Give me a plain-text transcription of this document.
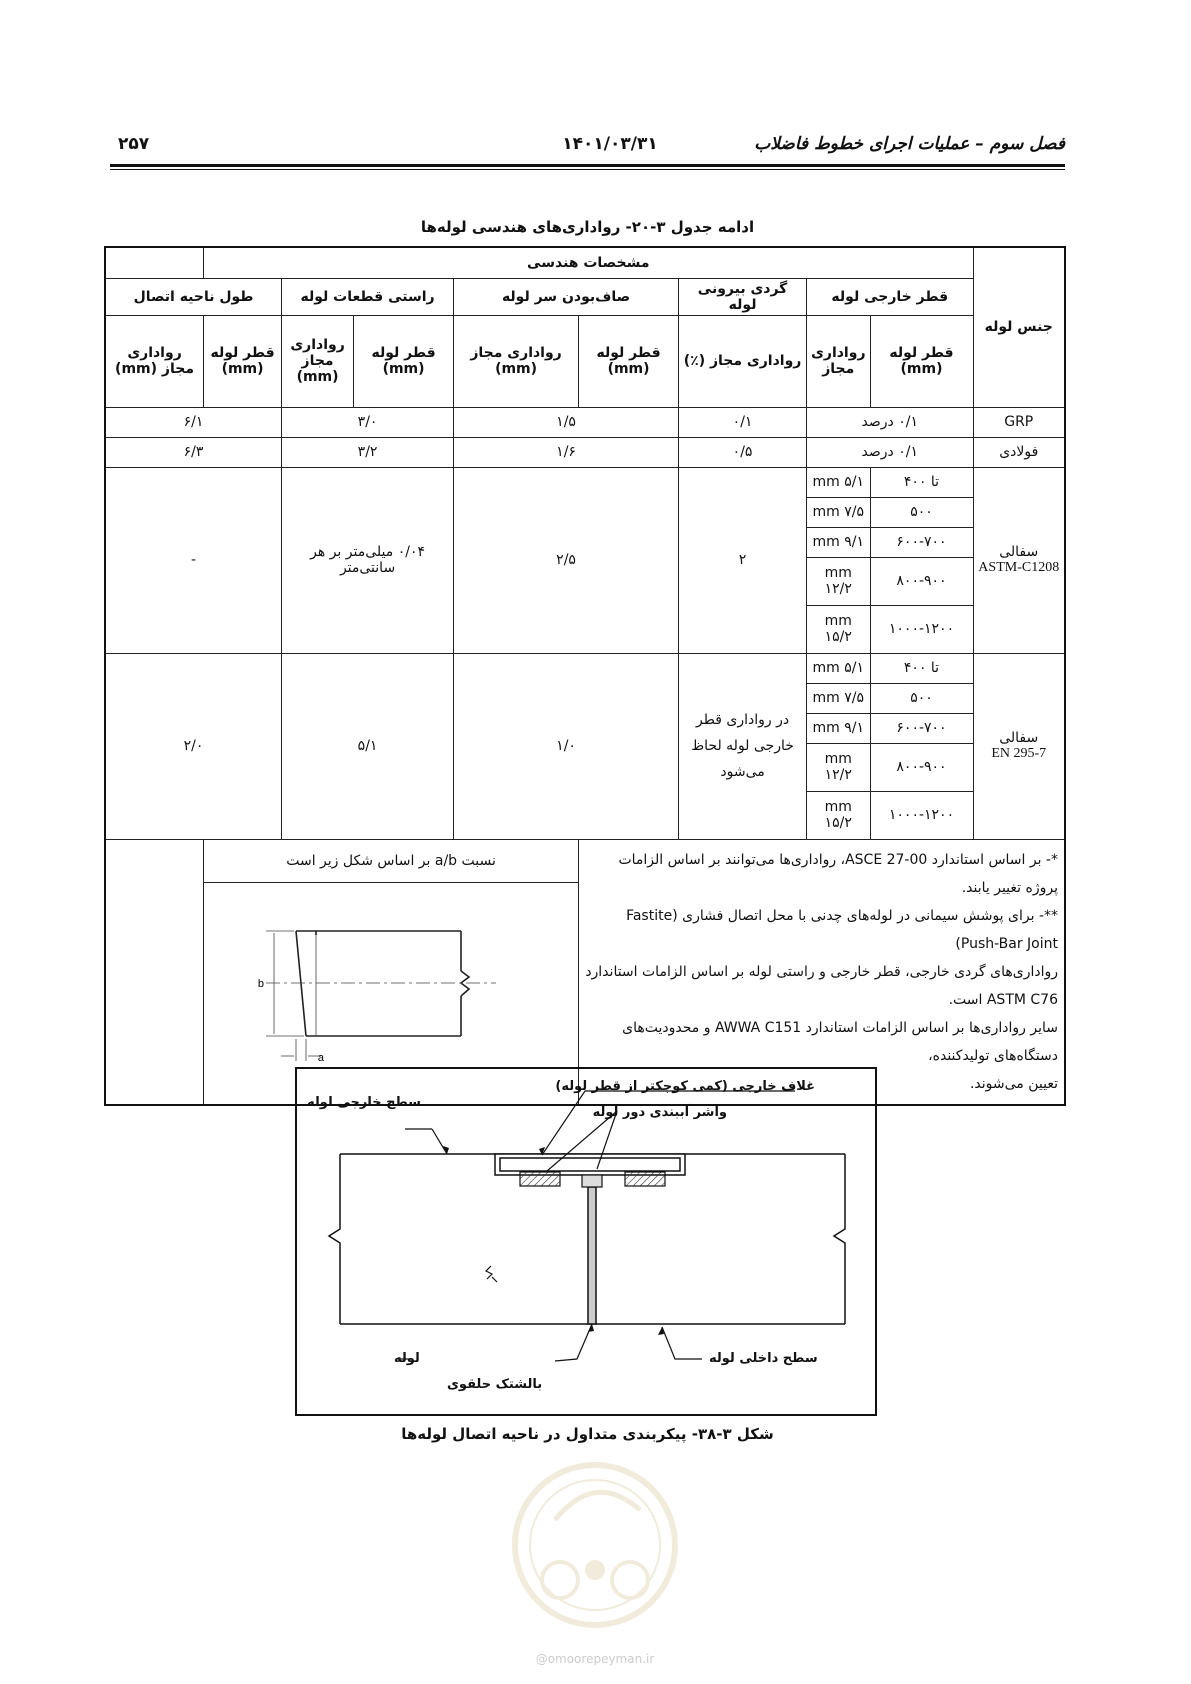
فصل سوم – عملیات اجرای خطوط فاضلاب
۱۴۰۱/۰۳/۳۱
۲۵۷
ادامه جدول ۳-۲۰- رواداری‌های هندسی لوله‌ها
جنس لوله	مشخصات هندسی								
	قطر خارجی لوله		گردی بیرونی لوله	صاف‌بودن سر لوله		راستی قطعات لوله		طول ناحیه اتصال	
	قطر لوله (mm)	رواداری مجاز	رواداری مجاز (٪)	قطر لوله (mm)	رواداری مجاز (mm)	قطر لوله (mm)	رواداری مجاز (mm)	قطر لوله (mm)	رواداری مجاز (mm)
GRP	۰/۱ درصد		۰/۱	۱/۵		۳/۰		۶/۱	
فولادی	۰/۱ درصد		۰/۵	۱/۶		۳/۲		۶/۳	

سفالی
ASTM-C1208	تا ۴۰۰	۵/۱ mm	۲	۲/۵		۰/۰۴ میلی‌متر بر هر سانتی‌متر		-	
	۵۰۰	۷/۵ mm							
	۶۰۰-۷۰۰	۹/۱ mm							
	۸۰۰-۹۰۰	mm ۱۲/۲							
	۱۰۰۰-۱۲۰۰	mm ۱۵/۲							

سفالی
EN 295-7	تا ۴۰۰	۵/۱ mm	در رواداری قطر خارجی لوله لحاظ می‌شود	۱/۰		۵/۱		۲/۰	
	۵۰۰	۷/۵ mm							
	۶۰۰-۷۰۰	۹/۱ mm							
	۸۰۰-۹۰۰	mm ۱۲/۲							
	۱۰۰۰-۱۲۰۰	mm ۱۵/۲							

*- بر اساس استاندارد ASCE 27-00، رواداری‌ها می‌توانند بر اساس الزامات پروژه تغییر یابند.
**- برای پوشش سیمانی در لوله‌های چدنی با محل اتصال فشاری (Fastite Push-Bar Joint)
رواداری‌های گردی خارجی، قطر خارجی و راستی لوله بر اساس الزامات استاندارد ASTM C76 است.
سایر رواداری‌ها بر اساس الزامات استاندارد AWWA C151 و محدودیت‌های دستگاه‌های تولیدکننده،
تعیین می‌شوند.					نسبت a/b بر اساس شکل زیر است				

b
a				
غلاف خارجی (کمی کوچکتر از قطر لوله)
واشر آببندی دور لوله
سطح خارجی لوله
لوله
بالشتک حلقوی
سطح داخلی لوله
شکل ۳-۳۸- پیکربندی متداول در ناحیه اتصال لوله‌ها
@omoorepeyman.ir
